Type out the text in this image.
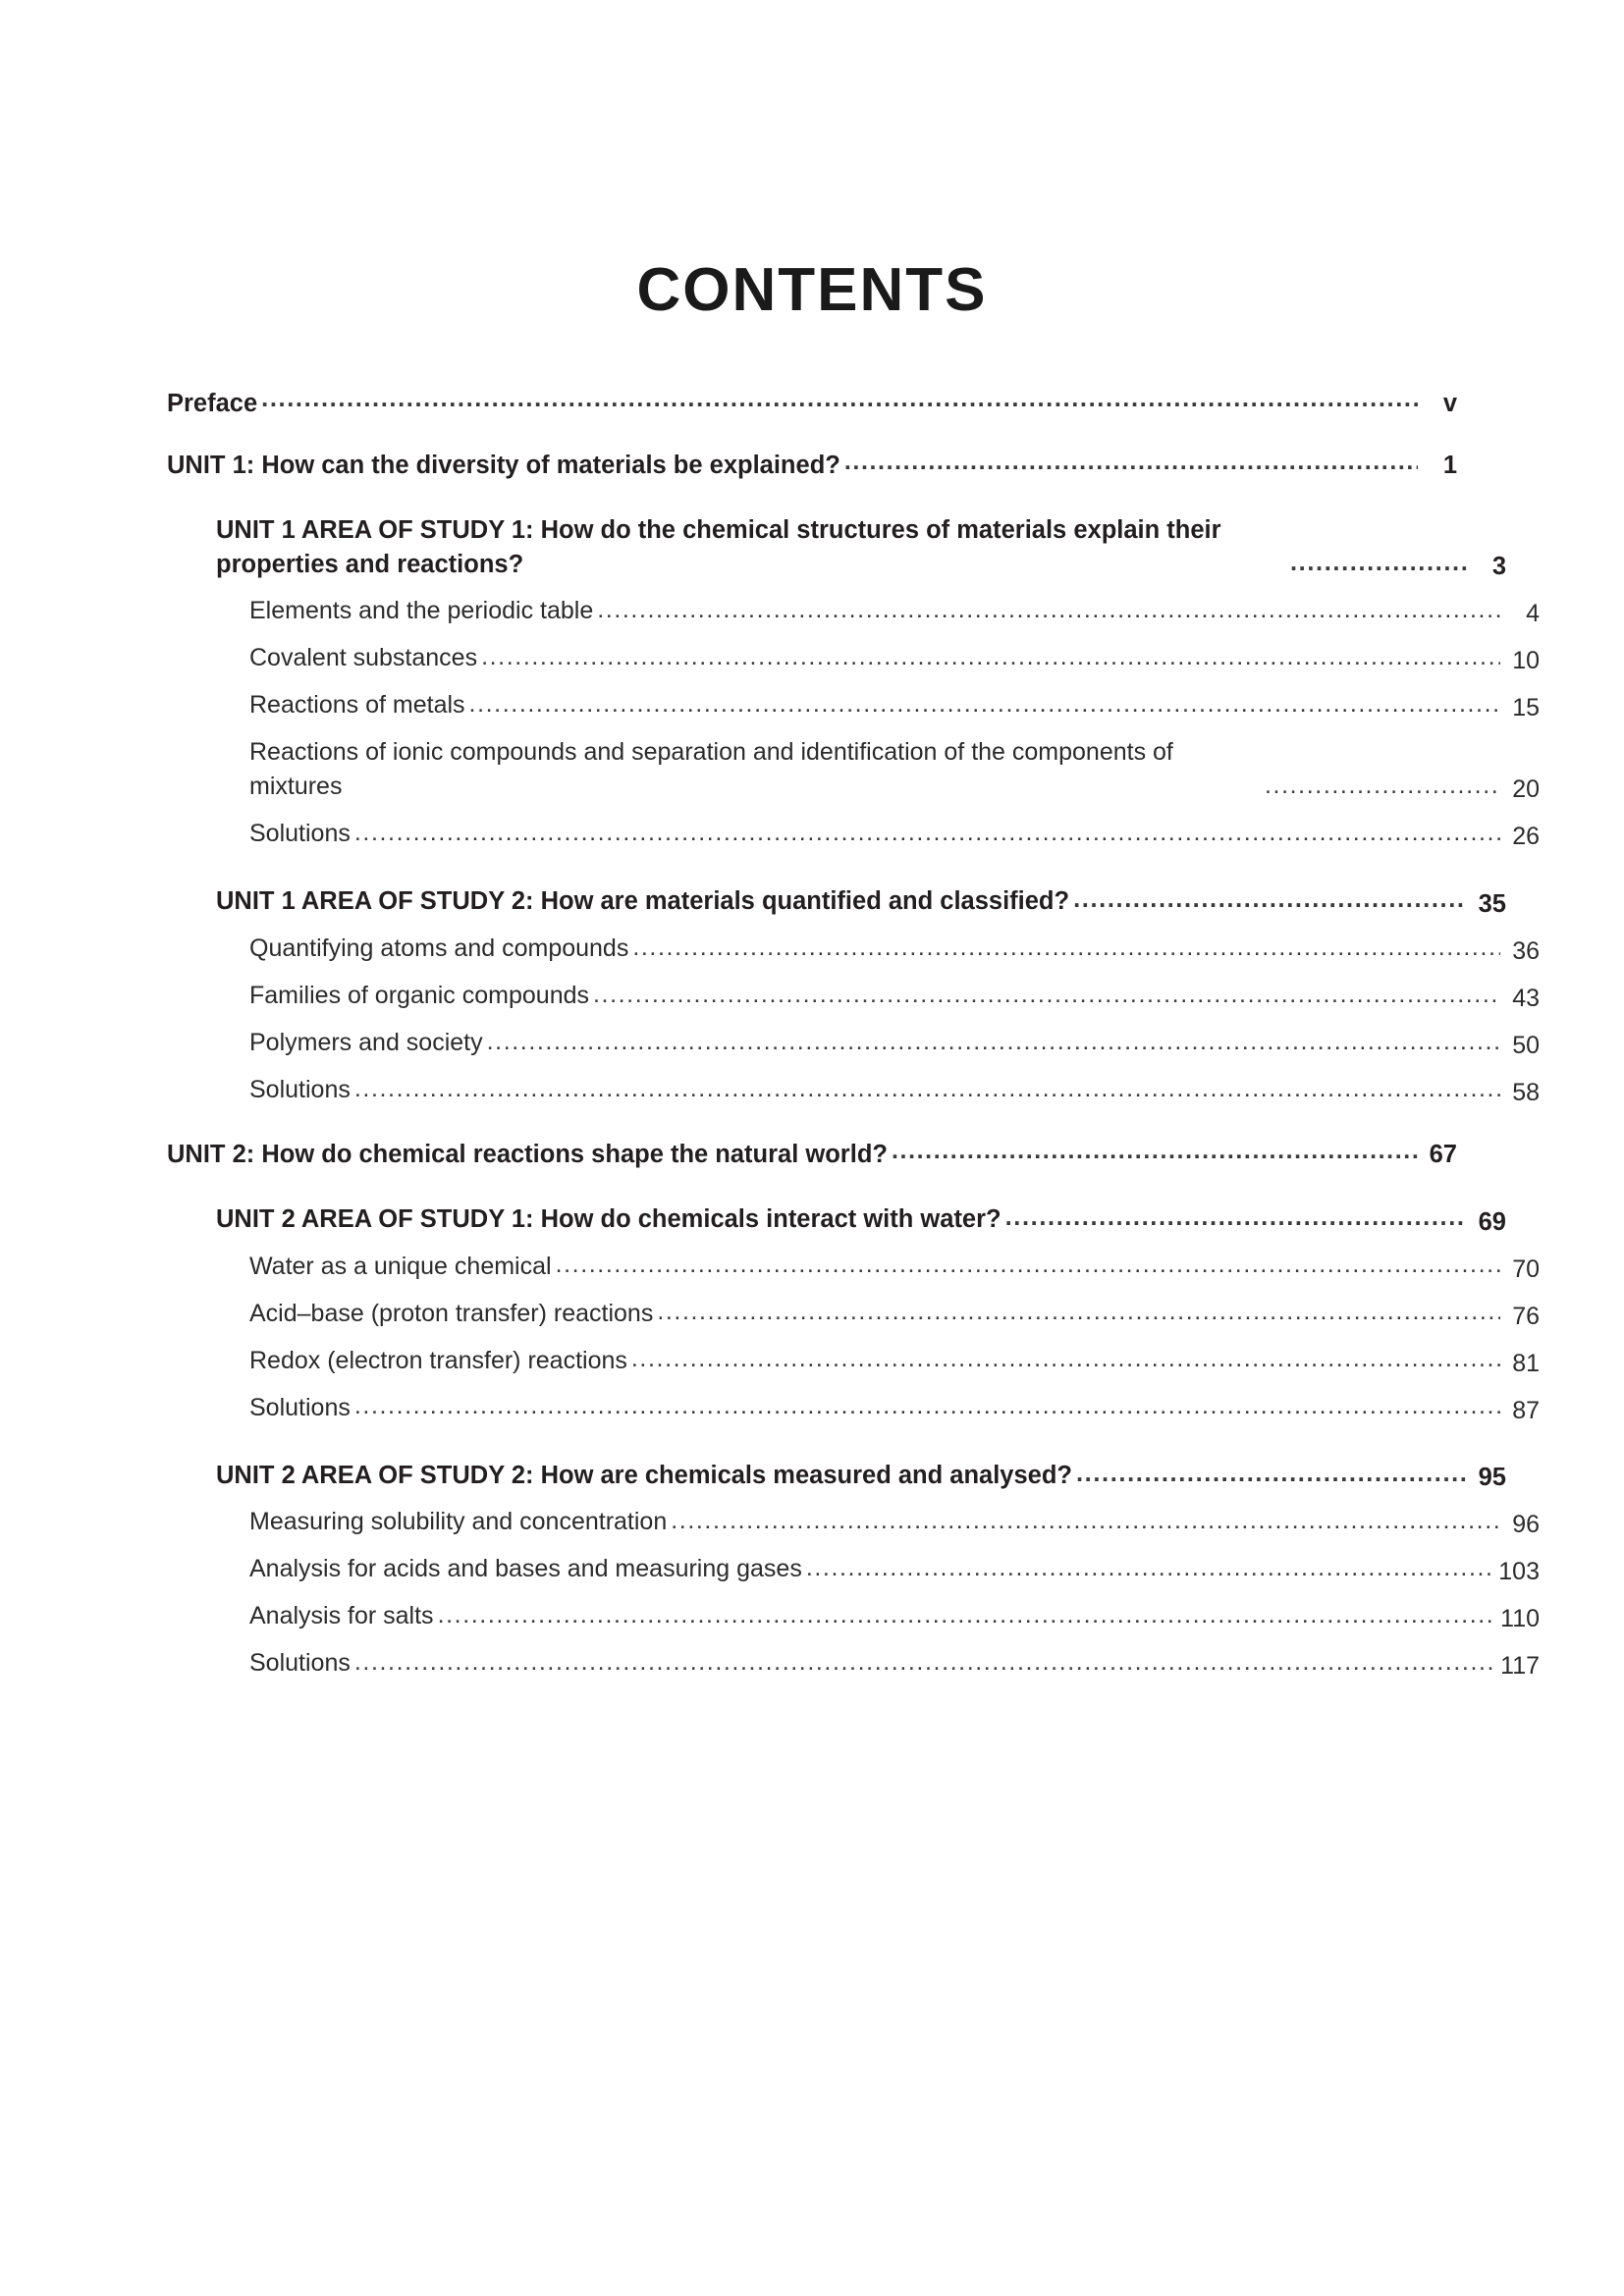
CONTENTS
Preface .....	v
UNIT 1: How can the diversity of materials be explained? .....	1
UNIT 1 AREA OF STUDY 1: How do the chemical structures of materials explain their properties and reactions? .....	3
Elements and the periodic table .....	4
Covalent substances .....	10
Reactions of metals .....	15
Reactions of ionic compounds and separation and identification of the components of mixtures .....	20
Solutions .....	26
UNIT 1 AREA OF STUDY 2: How are materials quantified and classified? .....	35
Quantifying atoms and compounds .....	36
Families of organic compounds .....	43
Polymers and society .....	50
Solutions .....	58
UNIT 2: How do chemical reactions shape the natural world? .....	67
UNIT 2 AREA OF STUDY 1: How do chemicals interact with water? .....	69
Water as a unique chemical .....	70
Acid–base (proton transfer) reactions .....	76
Redox (electron transfer) reactions .....	81
Solutions .....	87
UNIT 2 AREA OF STUDY 2: How are chemicals measured and analysed? .....	95
Measuring solubility and concentration .....	96
Analysis for acids and bases and measuring gases .....	103
Analysis for salts .....	110
Solutions .....	117
